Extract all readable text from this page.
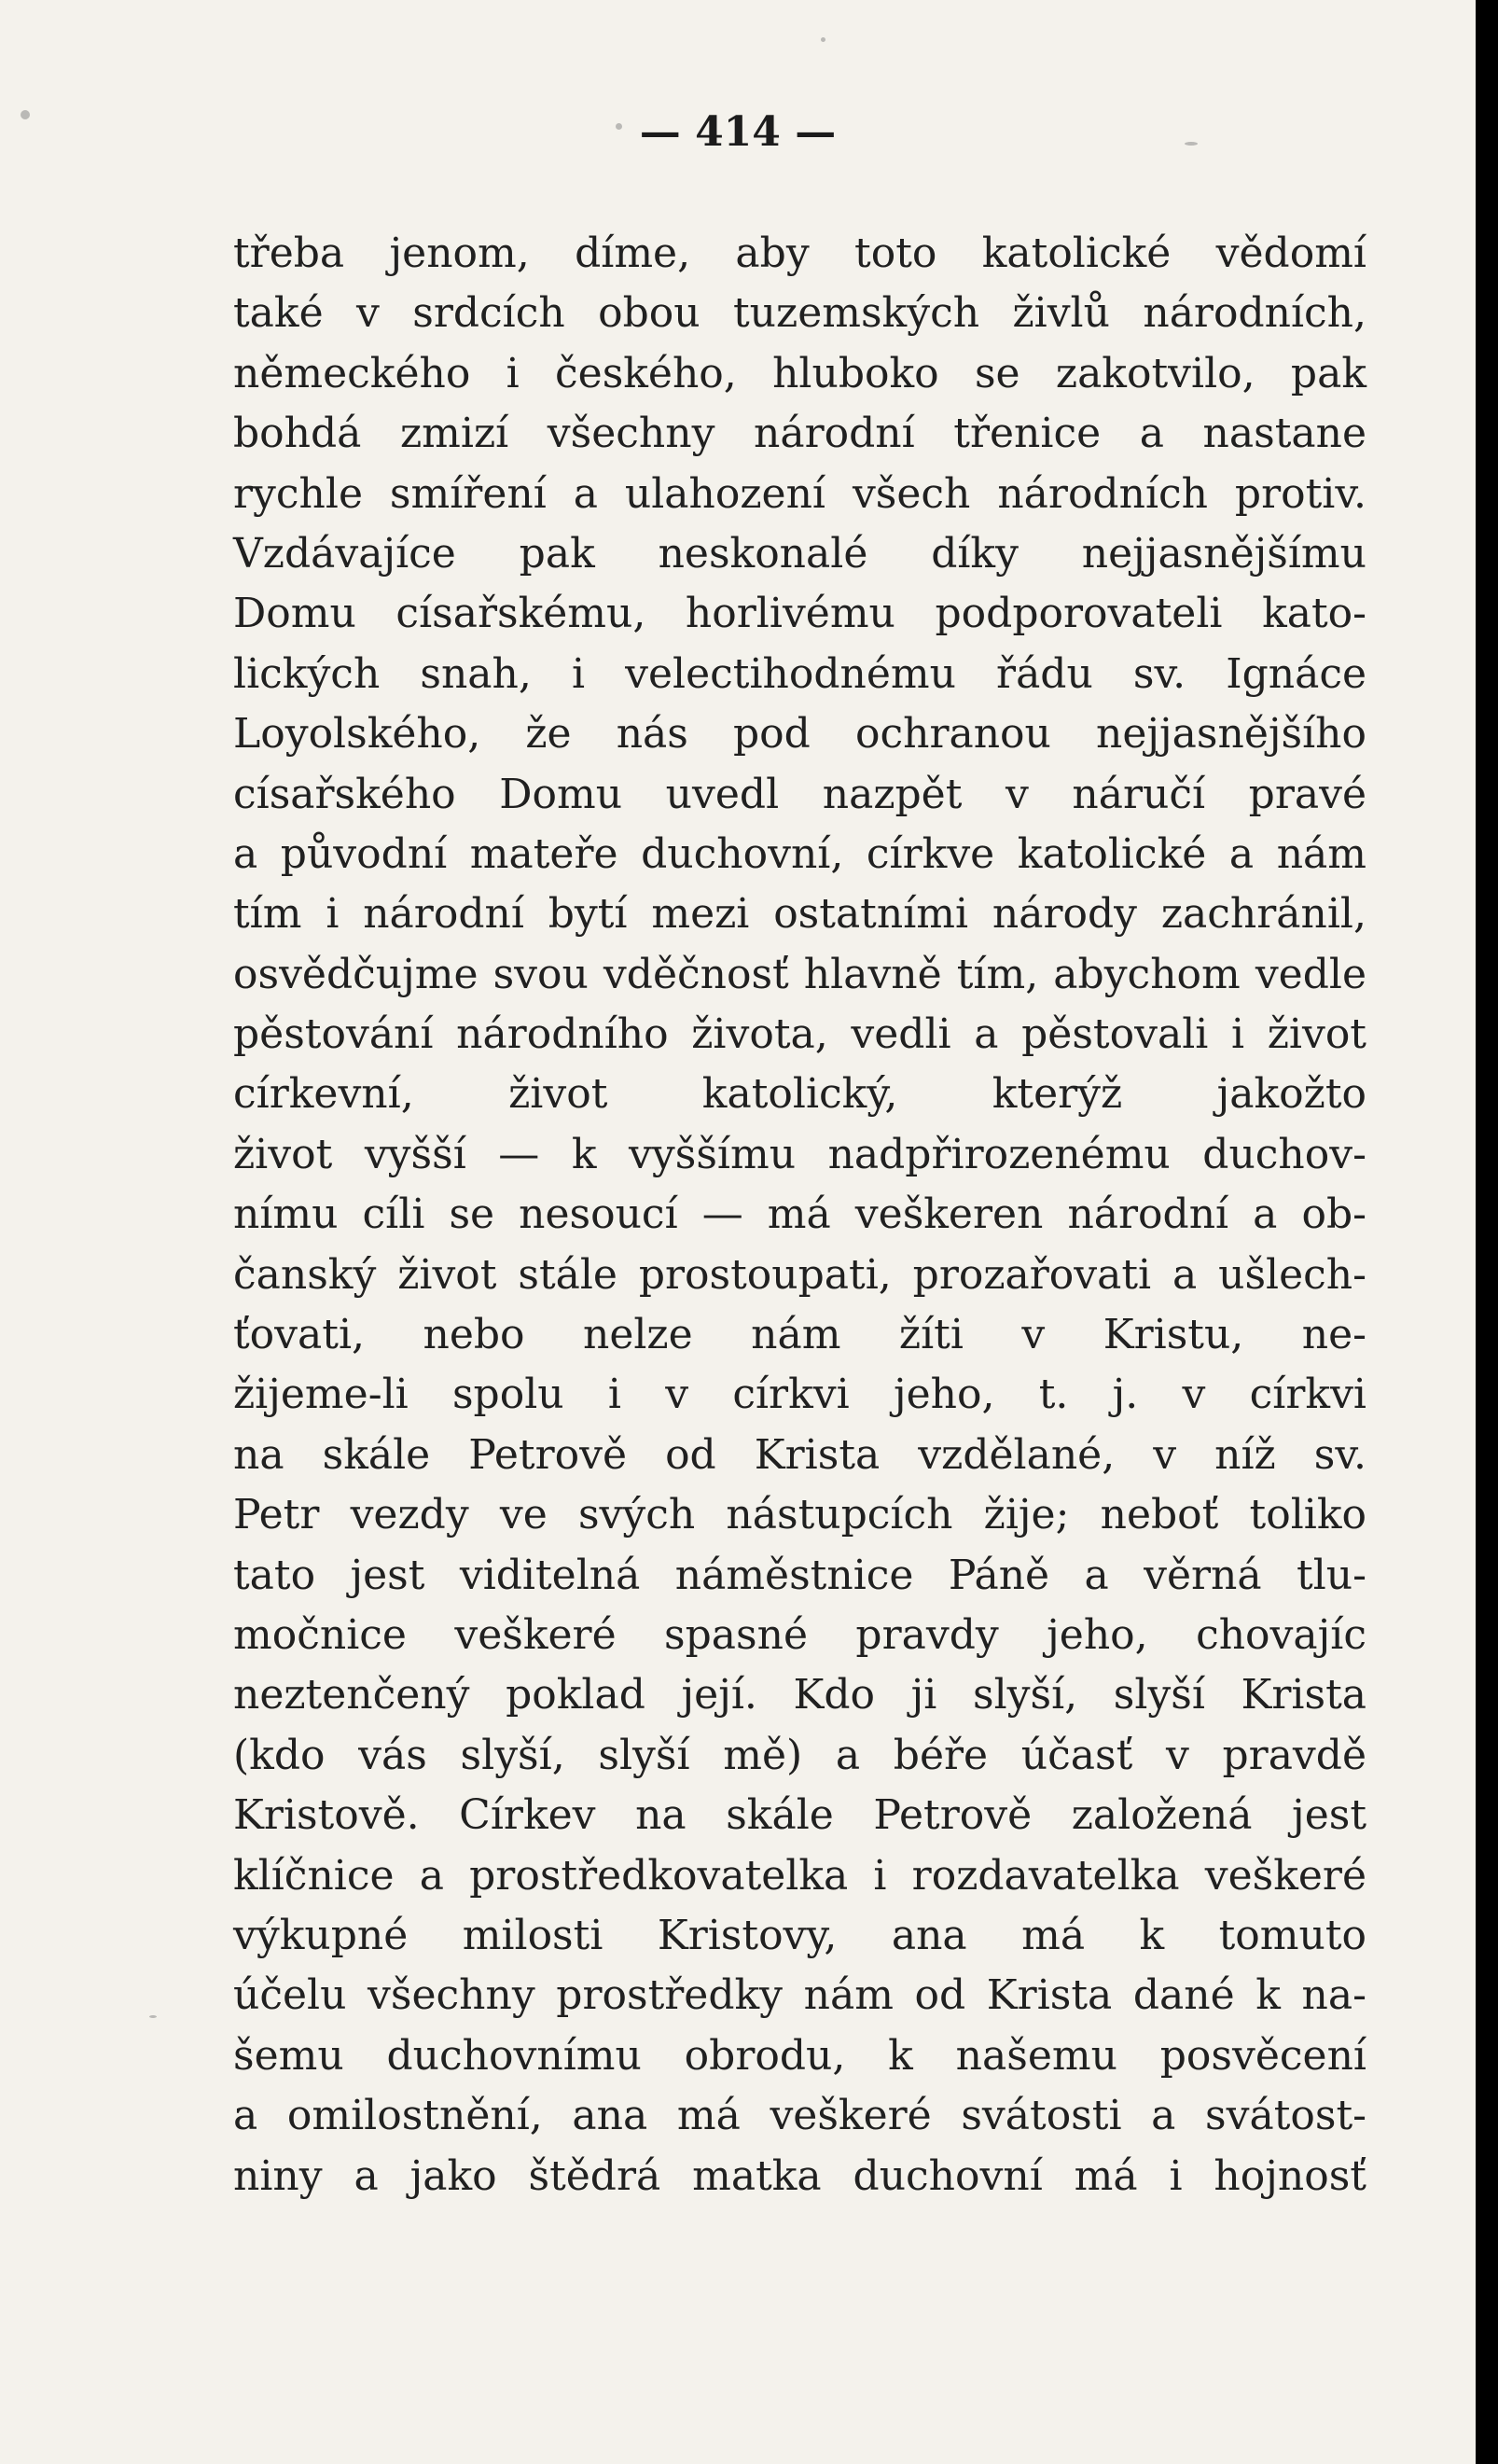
— 414 —

třeba jenom, díme, aby toto katolické vědomí
také v srdcích obou tuzemských živlů národních,
německého i českého, hluboko se zakotvilo, pak
bohdá zmizí všechny národní třenice a nastane
rychle smíření a ulahození všech národních protiv.
Vzdávajíce pak neskonalé díky nejjasnějšímu
Domu císařskému, horlivému podporovateli kato-
lických snah, i velectihodnému řádu sv. Ignáce
Loyolského, že nás pod ochranou nejjasnějšího
císařského Domu uvedl nazpět v náručí pravé
a původní mateře duchovní, církve katolické a nám
tím i národní bytí mezi ostatními národy zachránil,
osvědčujme svou vděčnosť hlavně tím, abychom vedle
pěstování národního života, vedli a pěstovali i život
církevní, život katolický, kterýž jakožto
život vyšší — k vyššímu nadpřirozenému duchov-
nímu cíli se nesoucí — má veškeren národní a ob-
čanský život stále prostoupati, prozařovati a ušlech-
ťovati, nebo nelze nám žíti v Kristu, ne-
žijeme-li spolu i v církvi jeho, t. j. v církvi
na skále Petrově od Krista vzdělané, v níž sv.
Petr vezdy ve svých nástupcích žije; neboť toliko
tato jest viditelná náměstnice Páně a věrná tlu-
močnice veškeré spasné pravdy jeho, chovajíc
neztenčený poklad její. Kdo ji slyší, slyší Krista
(kdo vás slyší, slyší mě) a béře účasť v pravdě
Kristově. Církev na skále Petrově založená jest
klíčnice a prostředkovatelka i rozdavatelka veškeré
výkupné milosti Kristovy, ana má k tomuto
účelu všechny prostředky nám od Krista dané k na-
šemu duchovnímu obrodu, k našemu posvěcení
a omilostnění, ana má veškeré svátosti a svátost-
niny a jako štědrá matka duchovní má i hojnosť
